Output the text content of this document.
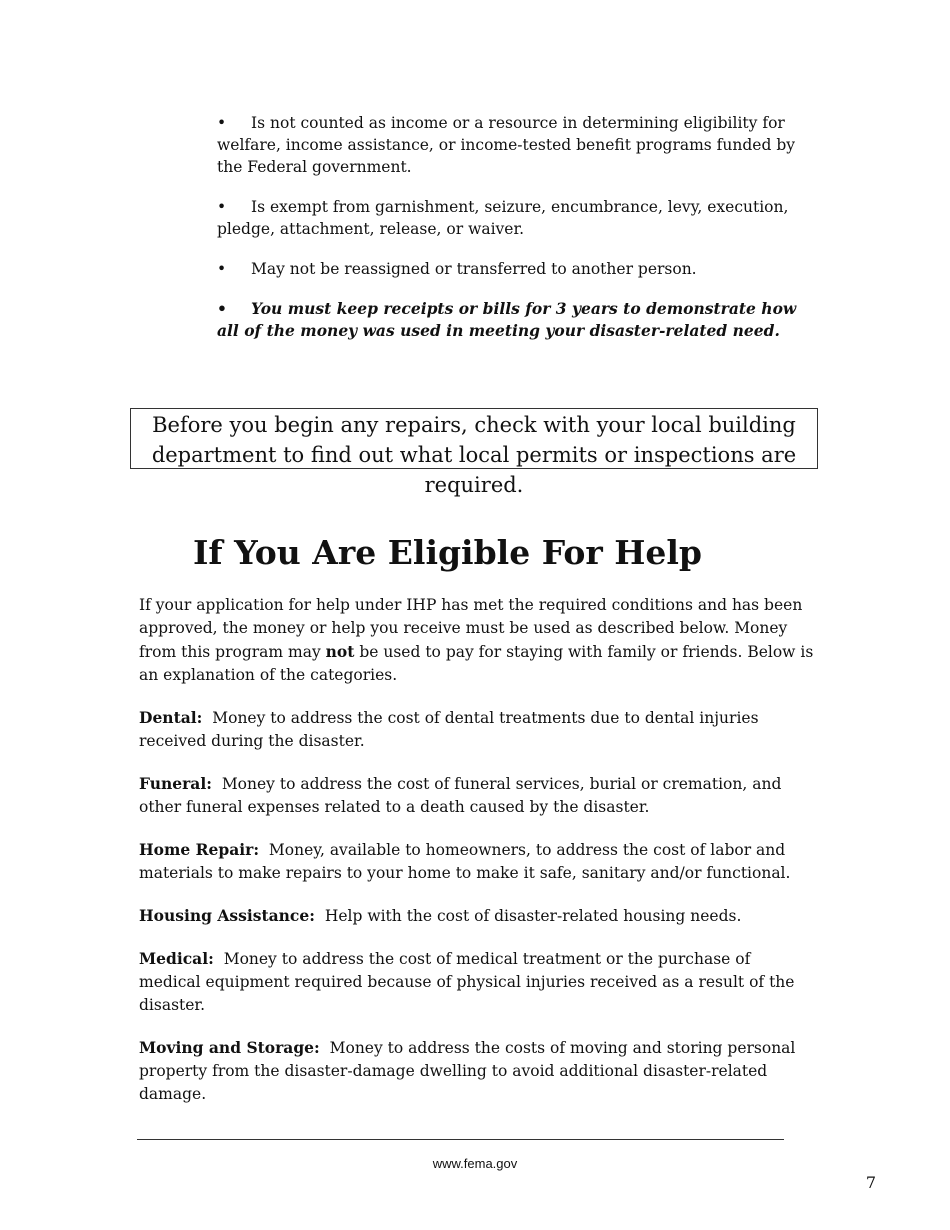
• Is not counted as income or a resource in determining eligibility for welfare, income assistance, or income-tested benefit programs funded by the Federal government.
• Is exempt from garnishment, seizure, encumbrance, levy, execution, pledge, attachment, release, or waiver.
• May not be reassigned or transferred to another person.
• You must keep receipts or bills for 3 years to demonstrate how all of the money was used in meeting your disaster-related need.
Before you begin any repairs, check with your local building department to find out what local permits or inspections are required.
If You Are Eligible For Help

If your application for help under IHP has met the required conditions and has been approved, the money or help you receive must be used as described below. Money from this program may not be used to pay for staying with family or friends. Below is an explanation of the categories.

Dental: Money to address the cost of dental treatments due to dental injuries received during the disaster.

Funeral: Money to address the cost of funeral services, burial or cremation, and other funeral expenses related to a death caused by the disaster.

Home Repair: Money, available to homeowners, to address the cost of labor and materials to make repairs to your home to make it safe, sanitary and/or functional.

Housing Assistance: Help with the cost of disaster-related housing needs.

Medical: Money to address the cost of medical treatment or the purchase of medical equipment required because of physical injuries received as a result of the disaster.

Moving and Storage: Money to address the costs of moving and storing personal property from the disaster-damage dwelling to avoid additional disaster-related damage.

www.fema.gov
7
